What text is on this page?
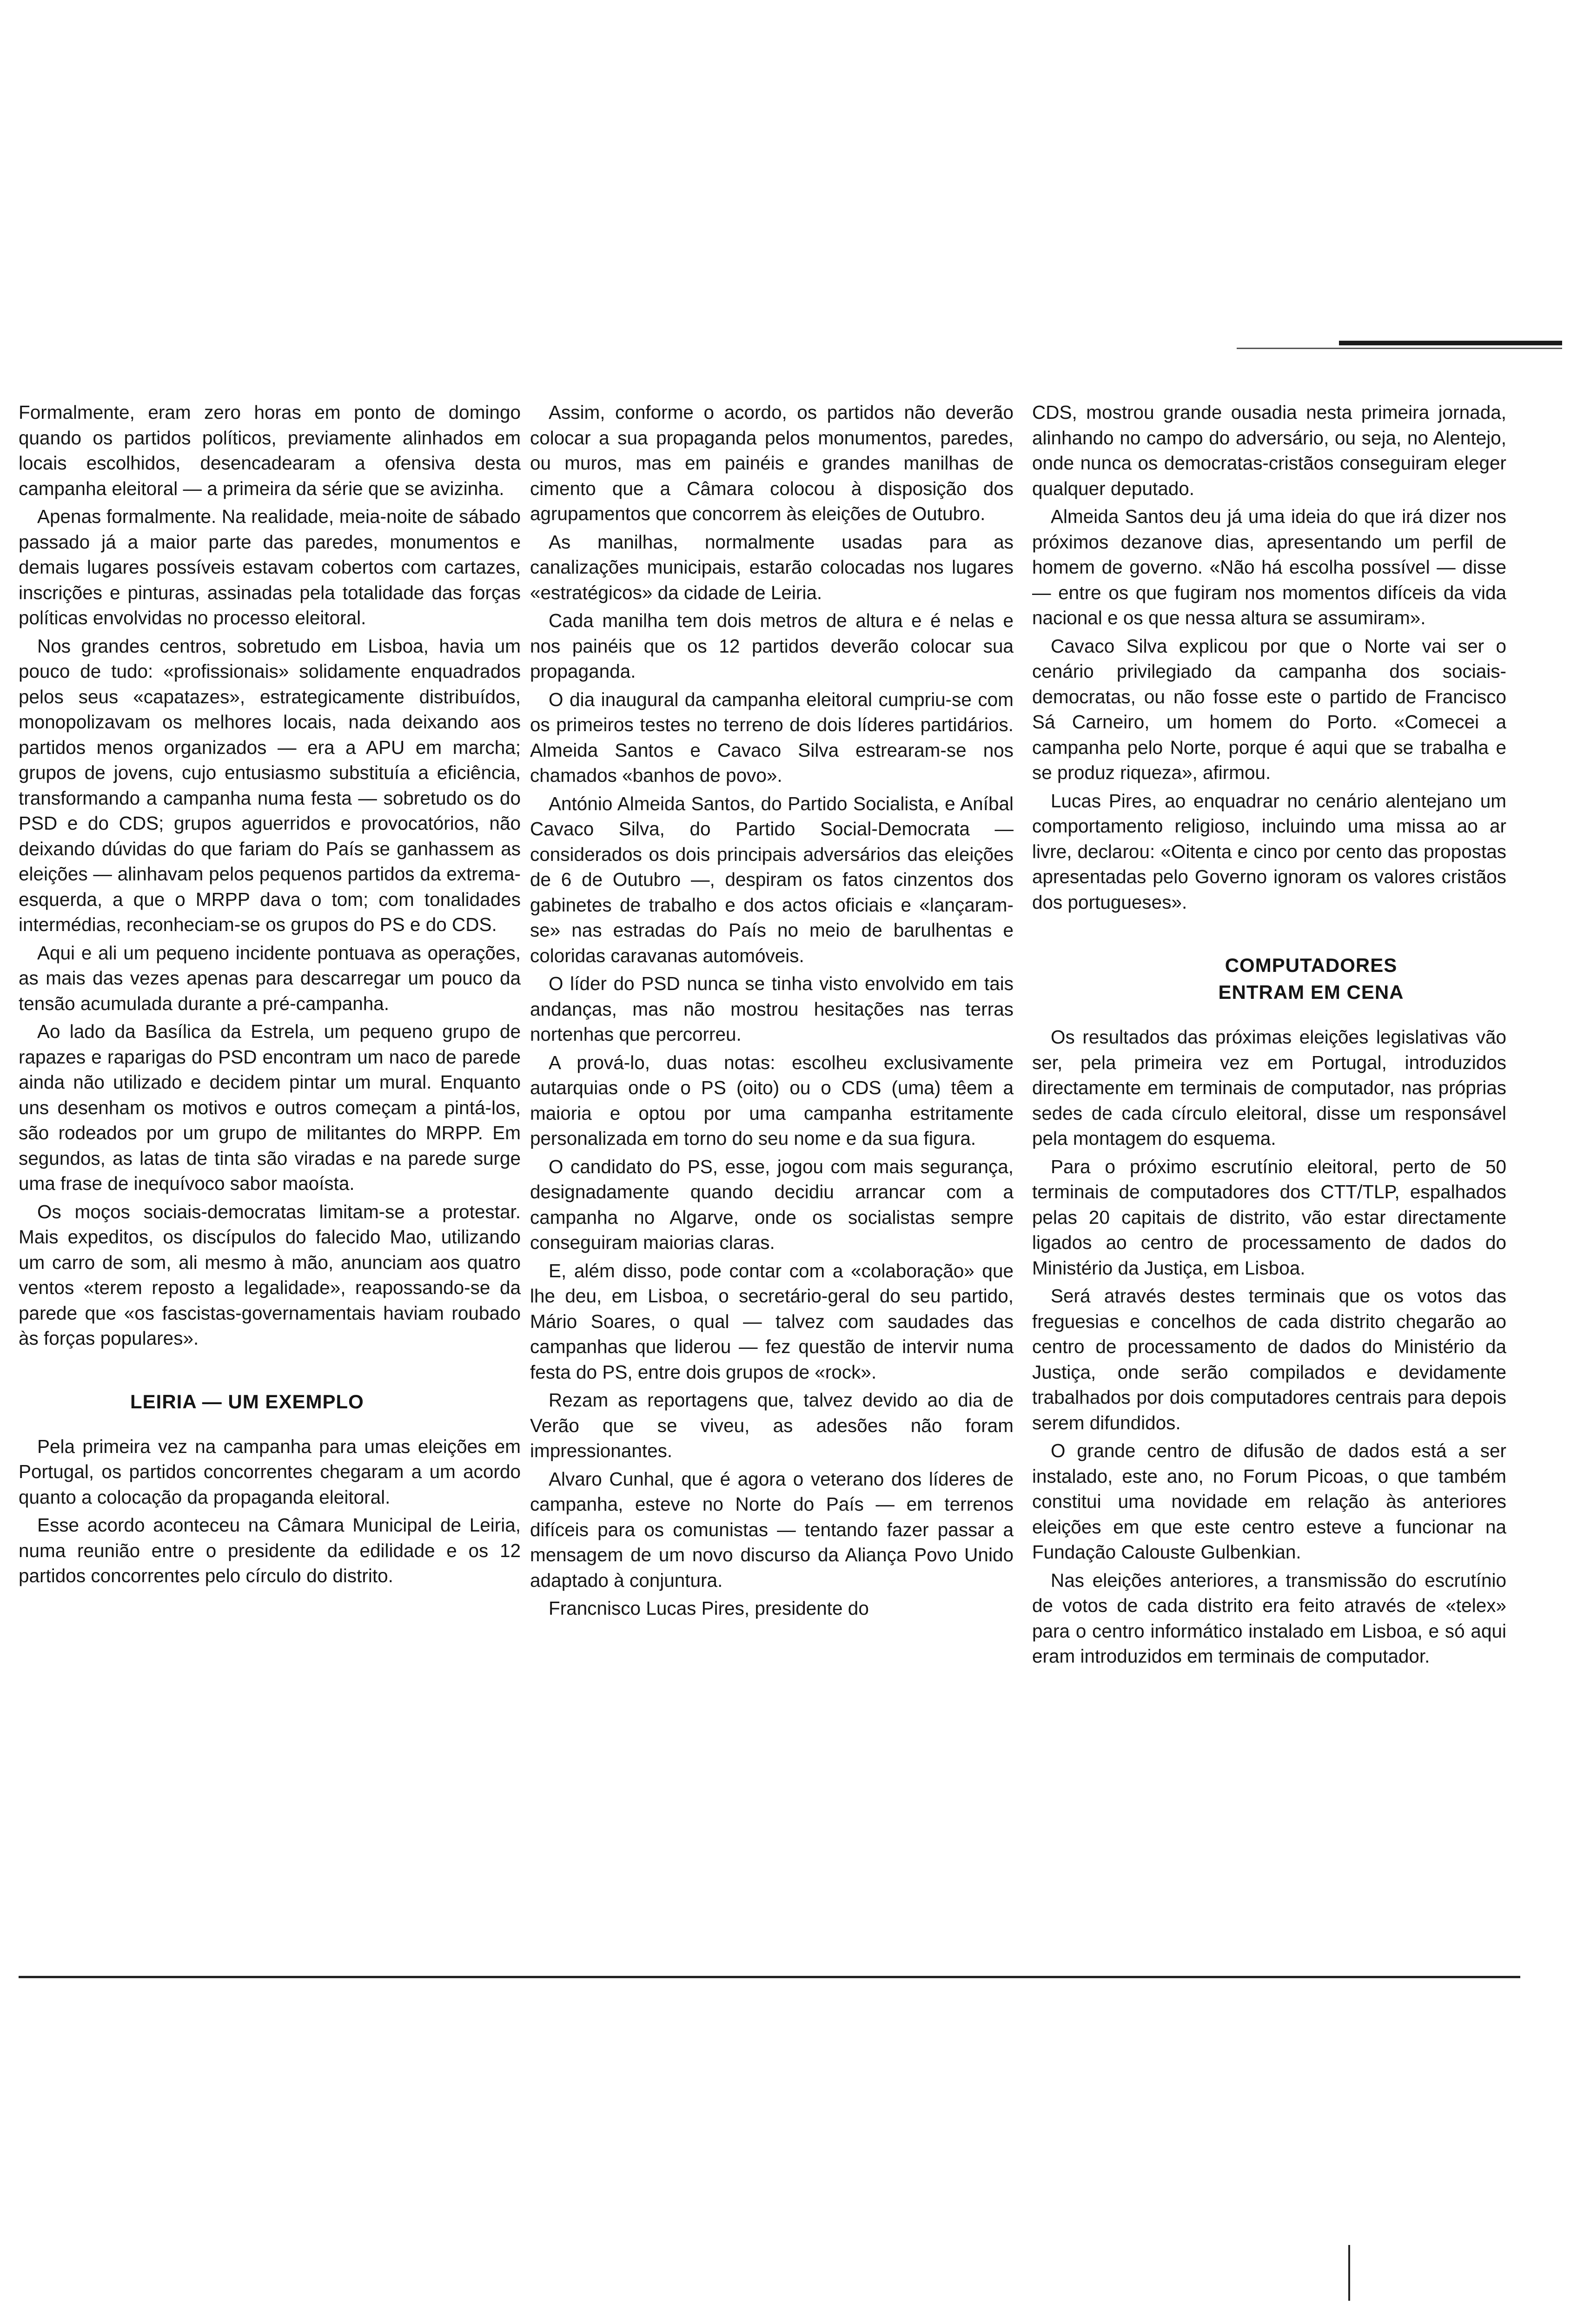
Formalmente, eram zero horas em ponto de domingo quando os partidos políticos, previamente alinhados em locais escolhidos, desencadearam a ofensiva desta campanha eleitoral — a primeira da série que se avizinha.

Apenas formalmente. Na realidade, meia-noite de sábado passado já a maior parte das paredes, monumentos e demais lugares possíveis estavam cobertos com cartazes, inscrições e pinturas, assinadas pela totalidade das forças políticas envolvidas no processo eleitoral.

Nos grandes centros, sobretudo em Lisboa, havia um pouco de tudo: «profissionais» solidamente enquadrados pelos seus «capatazes», estrategicamente distribuídos, monopolizavam os melhores locais, nada deixando aos partidos menos organizados — era a APU em marcha; grupos de jovens, cujo entusiasmo substituía a eficiência, transformando a campanha numa festa — sobretudo os do PSD e do CDS; grupos aguerridos e provocatórios, não deixando dúvidas do que fariam do País se ganhassem as eleições — alinhavam pelos pequenos partidos da extrema-esquerda, a que o MRPP dava o tom; com tonalidades intermédias, reconheciam-se os grupos do PS e do CDS.

Aqui e ali um pequeno incidente pontuava as operações, as mais das vezes apenas para descarregar um pouco da tensão acumulada durante a pré-campanha.

Ao lado da Basílica da Estrela, um pequeno grupo de rapazes e raparigas do PSD encontram um naco de parede ainda não utilizado e decidem pintar um mural. Enquanto uns desenham os motivos e outros começam a pintá-los, são rodeados por um grupo de militantes do MRPP. Em segundos, as latas de tinta são viradas e na parede surge uma frase de inequívoco sabor maoísta.

Os moços sociais-democratas limitam-se a protestar. Mais expeditos, os discípulos do falecido Mao, utilizando um carro de som, ali mesmo à mão, anunciam aos quatro ventos «terem reposto a legalidade», reapossando-se da parede que «os fascistas-governamentais haviam roubado às forças populares».

LEIRIA — UM EXEMPLO

Pela primeira vez na campanha para umas eleições em Portugal, os partidos concorrentes chegaram a um acordo quanto a colocação da propaganda eleitoral.

Esse acordo aconteceu na Câmara Municipal de Leiria, numa reunião entre o presidente da edilidade e os 12 partidos concorrentes pelo círculo do distrito.

Assim, conforme o acordo, os partidos não deverão colocar a sua propaganda pelos monumentos, paredes, ou muros, mas em painéis e grandes manilhas de cimento que a Câmara colocou à disposição dos agrupamentos que concorrem às eleições de Outubro.

As manilhas, normalmente usadas para as canalizações municipais, estarão colocadas nos lugares «estratégicos» da cidade de Leiria.

Cada manilha tem dois metros de altura e é nelas e nos painéis que os 12 partidos deverão colocar sua propaganda.

O dia inaugural da campanha eleitoral cumpriu-se com os primeiros testes no terreno de dois líderes partidários. Almeida Santos e Cavaco Silva estrearam-se nos chamados «banhos de povo».

António Almeida Santos, do Partido Socialista, e Aníbal Cavaco Silva, do Partido Social-Democrata — considerados os dois principais adversários das eleições de 6 de Outubro —, despiram os fatos cinzentos dos gabinetes de trabalho e dos actos oficiais e «lançaram-se» nas estradas do País no meio de barulhentas e coloridas caravanas automóveis.

O líder do PSD nunca se tinha visto envolvido em tais andanças, mas não mostrou hesitações nas terras nortenhas que percorreu.

A prová-lo, duas notas: escolheu exclusivamente autarquias onde o PS (oito) ou o CDS (uma) têem a maioria e optou por uma campanha estritamente personalizada em torno do seu nome e da sua figura.

O candidato do PS, esse, jogou com mais segurança, designadamente quando decidiu arrancar com a campanha no Algarve, onde os socialistas sempre conseguiram maiorias claras.

E, além disso, pode contar com a «colaboração» que lhe deu, em Lisboa, o secretário-geral do seu partido, Mário Soares, o qual — talvez com saudades das campanhas que liderou — fez questão de intervir numa festa do PS, entre dois grupos de «rock».

Rezam as reportagens que, talvez devido ao dia de Verão que se viveu, as adesões não foram impressionantes.

Alvaro Cunhal, que é agora o veterano dos líderes de campanha, esteve no Norte do País — em terrenos difíceis para os comunistas — tentando fazer passar a mensagem de um novo discurso da Aliança Povo Unido adaptado à conjuntura.

Francnisco Lucas Pires, presidente do

CDS, mostrou grande ousadia nesta primeira jornada, alinhando no campo do adversário, ou seja, no Alentejo, onde nunca os democratas-cristãos conseguiram eleger qualquer deputado.

Almeida Santos deu já uma ideia do que irá dizer nos próximos dezanove dias, apresentando um perfil de homem de governo. «Não há escolha possível — disse — entre os que fugiram nos momentos difíceis da vida nacional e os que nessa altura se assumiram».

Cavaco Silva explicou por que o Norte vai ser o cenário privilegiado da campanha dos sociais-democratas, ou não fosse este o partido de Francisco Sá Carneiro, um homem do Porto. «Comecei a campanha pelo Norte, porque é aqui que se trabalha e se produz riqueza», afirmou.

Lucas Pires, ao enquadrar no cenário alentejano um comportamento religioso, incluindo uma missa ao ar livre, declarou: «Oitenta e cinco por cento das propostas apresentadas pelo Governo ignoram os valores cristãos dos portugueses».

COMPUTADORES
ENTRAM EM CENA

Os resultados das próximas eleições legislativas vão ser, pela primeira vez em Portugal, introduzidos directamente em terminais de computador, nas próprias sedes de cada círculo eleitoral, disse um responsável pela montagem do esquema.

Para o próximo escrutínio eleitoral, perto de 50 terminais de computadores dos CTT/TLP, espalhados pelas 20 capitais de distrito, vão estar directamente ligados ao centro de processamento de dados do Ministério da Justiça, em Lisboa.

Será através destes terminais que os votos das freguesias e concelhos de cada distrito chegarão ao centro de processamento de dados do Ministério da Justiça, onde serão compilados e devidamente trabalhados por dois computadores centrais para depois serem difundidos.

O grande centro de difusão de dados está a ser instalado, este ano, no Forum Picoas, o que também constitui uma novidade em relação às anteriores eleições em que este centro esteve a funcionar na Fundação Calouste Gulbenkian.

Nas eleições anteriores, a transmissão do escrutínio de votos de cada distrito era feito através de «telex» para o centro informático instalado em Lisboa, e só aqui eram introduzidos em terminais de computador.
